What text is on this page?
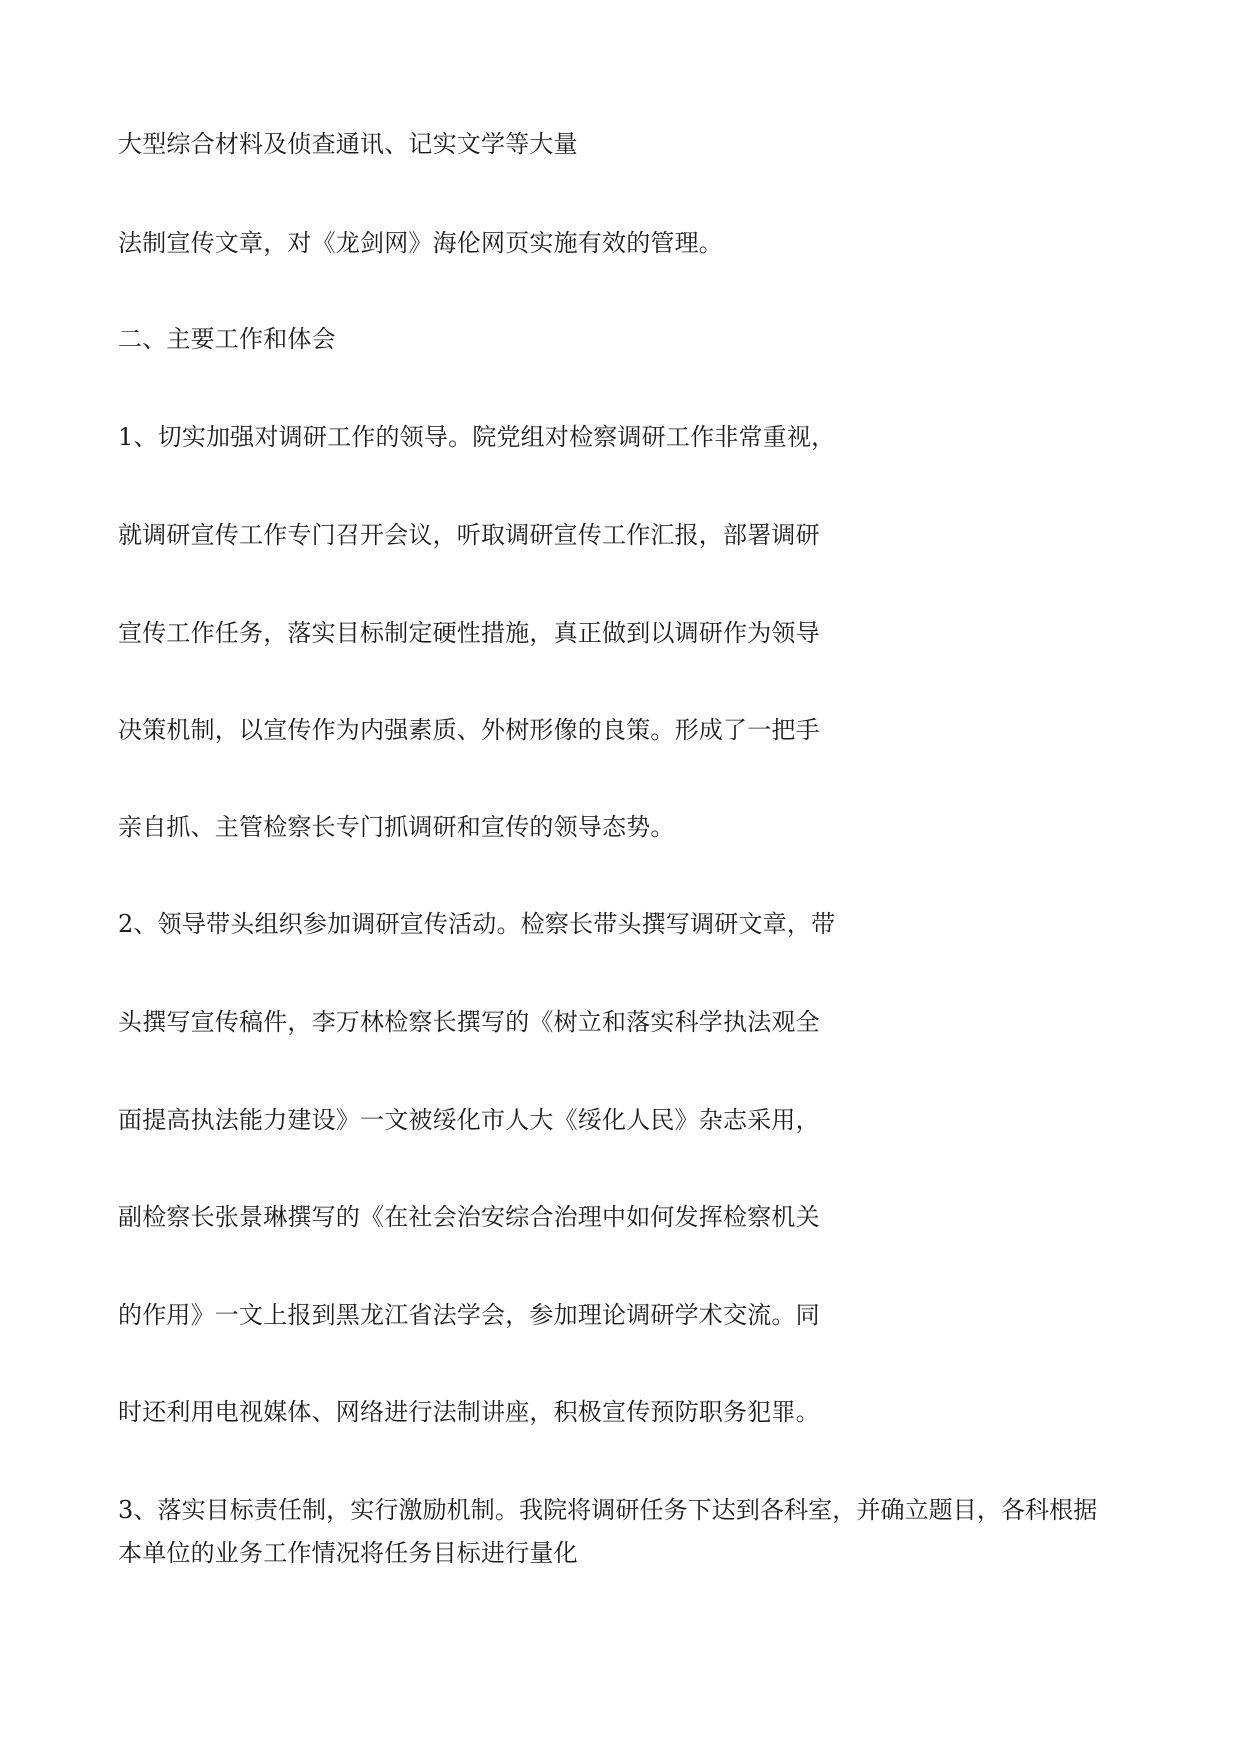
大型综合材料及侦查通讯、记实文学等大量

法制宣传文章，对《龙剑网》海伦网页实施有效的管理。

二、主要工作和体会

1、切实加强对调研工作的领导。院党组对检察调研工作非常重视，

就调研宣传工作专门召开会议，听取调研宣传工作汇报，部署调研

宣传工作任务，落实目标制定硬性措施，真正做到以调研作为领导

决策机制，以宣传作为内强素质、外树形像的良策。形成了一把手

亲自抓、主管检察长专门抓调研和宣传的领导态势。

2、领导带头组织参加调研宣传活动。检察长带头撰写调研文章，带

头撰写宣传稿件，李万林检察长撰写的《树立和落实科学执法观全

面提高执法能力建设》一文被绥化市人大《绥化人民》杂志采用，

副检察长张景琳撰写的《在社会治安综合治理中如何发挥检察机关

的作用》一文上报到黑龙江省法学会，参加理论调研学术交流。同

时还利用电视媒体、网络进行法制讲座，积极宣传预防职务犯罪。

3、落实目标责任制，实行激励机制。我院将调研任务下达到各科室，并确立题目，各科根据

本单位的业务工作情况将任务目标进行量化
